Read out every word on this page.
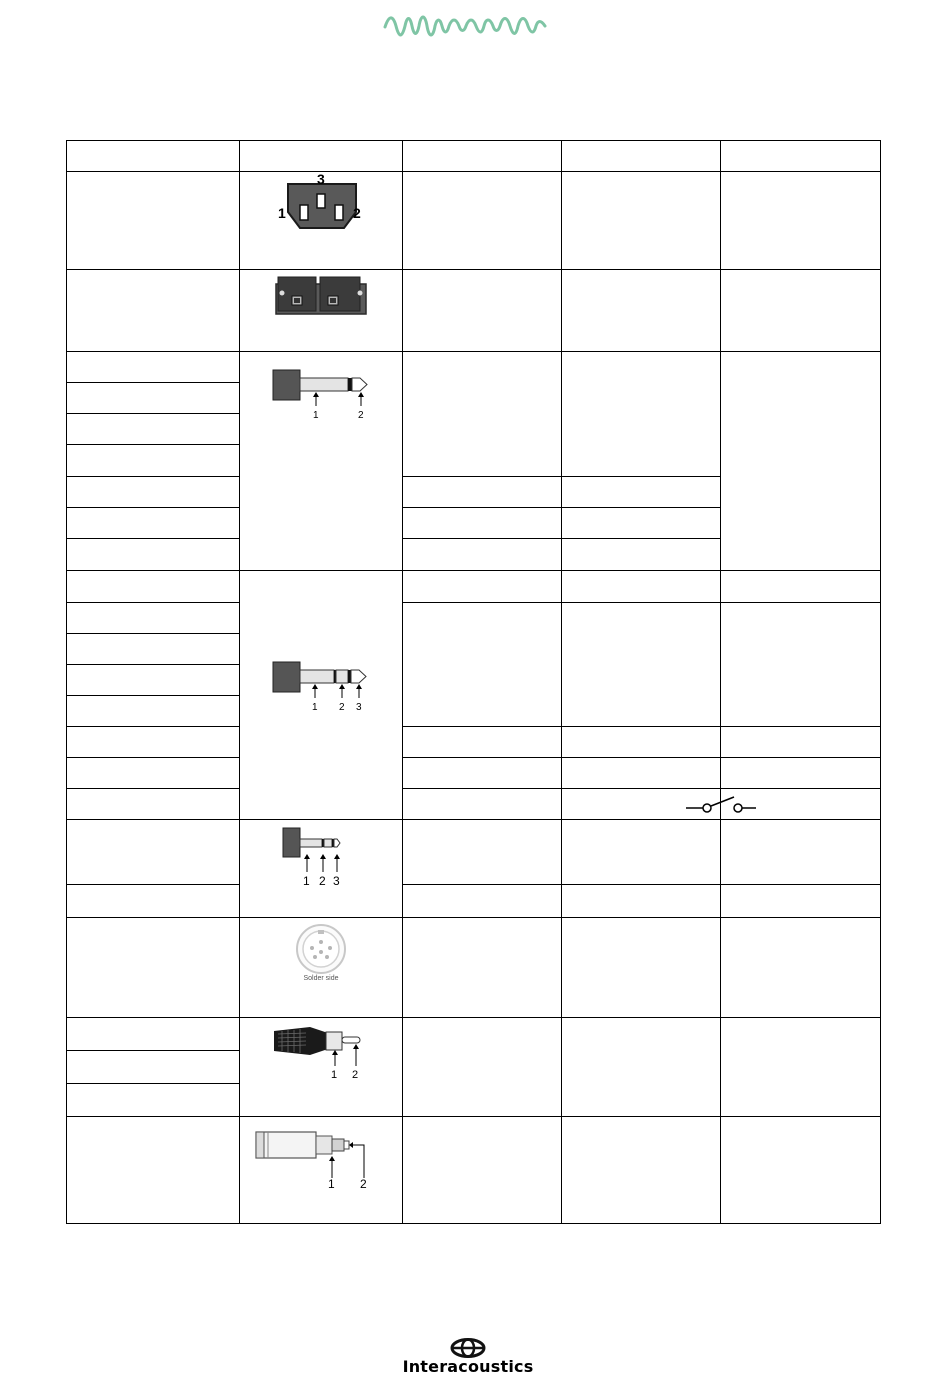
1	2
3
1	2
1 2 3
1 2 3
Solder side
1 2
1 2
Interacoustics
